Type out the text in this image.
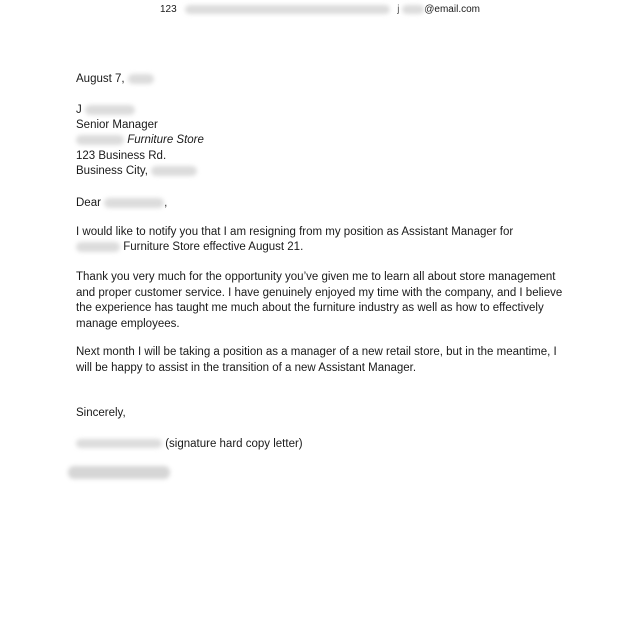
123	j @email.com
August 7,
J
Senior Manager
Furniture Store
123 Business Rd.
Business City,
Dear	,
I would like to notify you that I am resigning from my position as Assistant Manager for
Furniture Store effective August 21.
Thank you very much for the opportunity you’ve given me to learn all about store management and proper customer service. I have genuinely enjoyed my time with the company, and I believe the experience has taught me much about the furniture industry as well as how to effectively manage employees.
Next month I will be taking a position as a manager of a new retail store, but in the meantime, I will be happy to assist in the transition of a new Assistant Manager.
Sincerely,
(signature hard copy letter)
